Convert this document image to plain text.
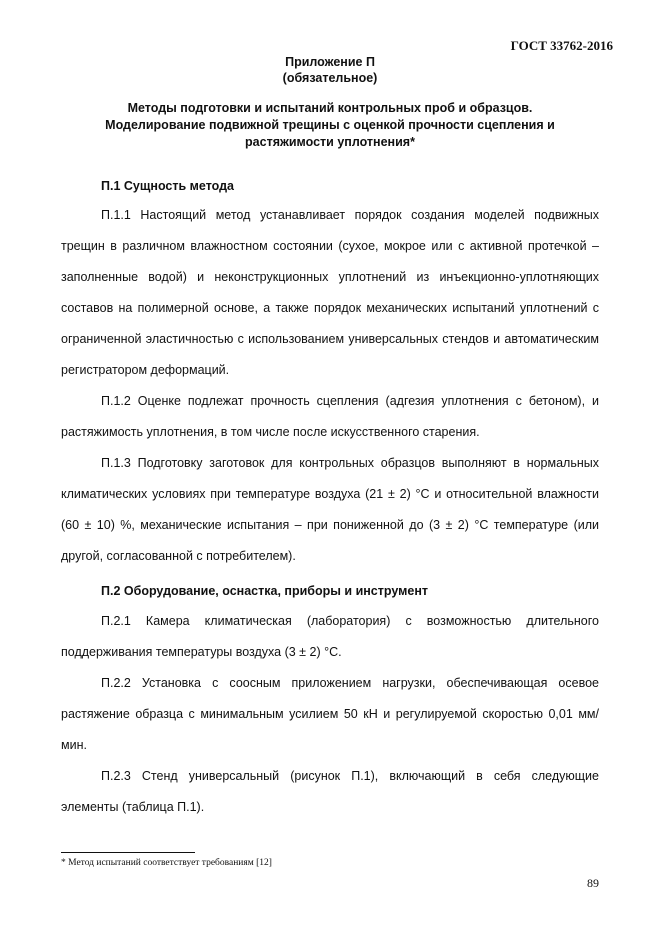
ГОСТ 33762-2016
Приложение П
(обязательное)
Методы подготовки и испытаний контрольных проб и образцов.
Моделирование подвижной трещины с оценкой прочности сцепления и
растяжимости уплотнения*
П.1 Сущность метода

П.1.1 Настоящий метод устанавливает порядок создания моделей подвижных трещин в различном влажностном состоянии (сухое, мокрое или с активной протечкой – заполненные водой) и неконструкционных уплотнений из инъекционно-уплотняющих составов на полимерной основе, а также порядок механических испытаний уплотнений с ограниченной эластичностью с использованием универсальных стендов и автоматическим регистратором деформаций.

П.1.2 Оценке подлежат прочность сцепления (адгезия уплотнения с бетоном), и растяжимость уплотнения, в том числе после искусственного старения.

П.1.3 Подготовку заготовок для контрольных образцов выполняют в нормальных климатических условиях при температуре воздуха (21 ± 2) °С и относительной влажности (60 ± 10) %, механические испытания – при пониженной до (3 ± 2) °С температуре (или другой, согласованной с потребителем).

П.2 Оборудование, оснастка, приборы и инструмент

П.2.1 Камера климатическая (лаборатория) с возможностью длительного поддерживания температуры воздуха (3 ± 2) °С.

П.2.2 Установка с соосным приложением нагрузки, обеспечивающая осевое растяжение образца с минимальным усилием 50 кН и регулируемой скоростью 0,01 мм/мин.

П.2.3 Стенд универсальный (рисунок П.1), включающий в себя следующие элементы (таблица П.1).

* Метод испытаний соответствует требованиям [12]
89
